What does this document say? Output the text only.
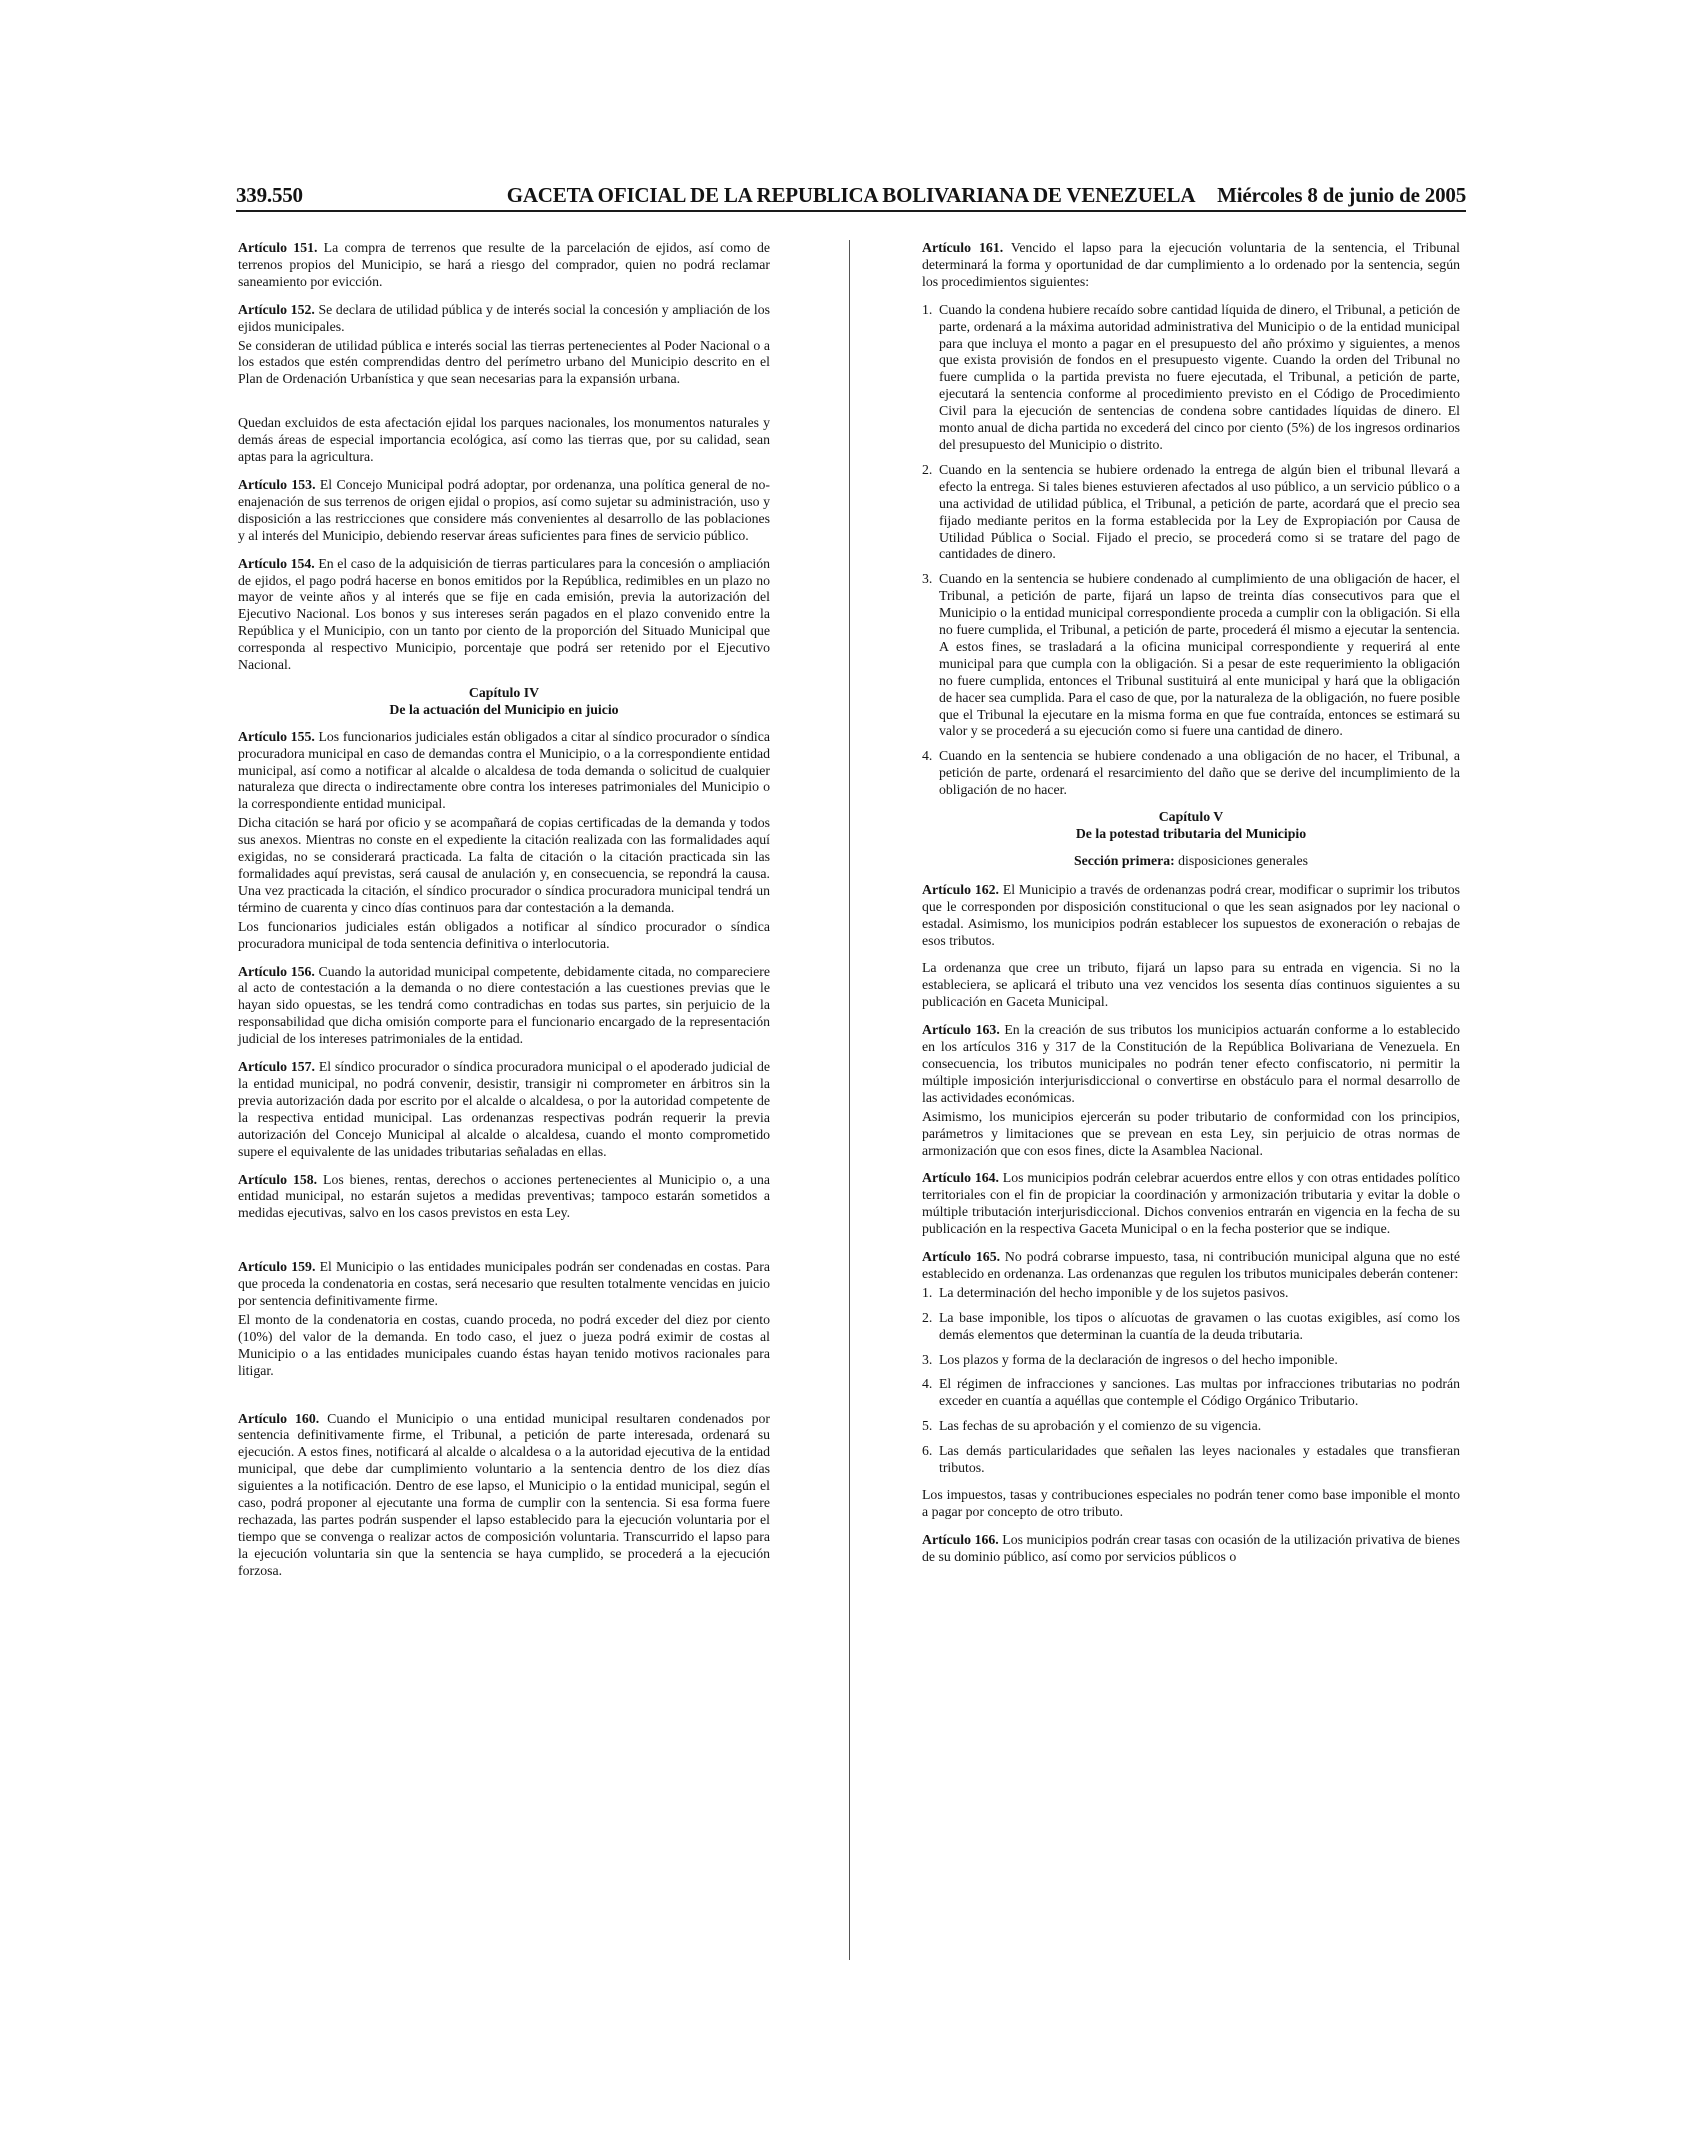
339.550	GACETA OFICIAL DE LA REPUBLICA BOLIVARIANA DE VENEZUELA	Miércoles 8 de junio de 2005

Artículo 151. La compra de terrenos que resulte de la parcelación de ejidos, así como de terrenos propios del Municipio, se hará a riesgo del comprador, quien no podrá reclamar saneamiento por evicción.

Artículo 152. Se declara de utilidad pública y de interés social la concesión y ampliación de los ejidos municipales.

Se consideran de utilidad pública e interés social las tierras pertenecientes al Poder Nacional o a los estados que estén comprendidas dentro del perímetro urbano del Municipio descrito en el Plan de Ordenación Urbanística y que sean necesarias para la expansión urbana.

Quedan excluidos de esta afectación ejidal los parques nacionales, los monumentos naturales y demás áreas de especial importancia ecológica, así como las tierras que, por su calidad, sean aptas para la agricultura.

Artículo 153. El Concejo Municipal podrá adoptar, por ordenanza, una política general de no-enajenación de sus terrenos de origen ejidal o propios, así como sujetar su administración, uso y disposición a las restricciones que considere más convenientes al desarrollo de las poblaciones y al interés del Municipio, debiendo reservar áreas suficientes para fines de servicio público.

Artículo 154. En el caso de la adquisición de tierras particulares para la concesión o ampliación de ejidos, el pago podrá hacerse en bonos emitidos por la República, redimibles en un plazo no mayor de veinte años y al interés que se fije en cada emisión, previa la autorización del Ejecutivo Nacional. Los bonos y sus intereses serán pagados en el plazo convenido entre la República y el Municipio, con un tanto por ciento de la proporción del Situado Municipal que corresponda al respectivo Municipio, porcentaje que podrá ser retenido por el Ejecutivo Nacional.

Capítulo IV
De la actuación del Municipio en juicio

Artículo 155. Los funcionarios judiciales están obligados a citar al síndico procurador o síndica procuradora municipal en caso de demandas contra el Municipio, o a la correspondiente entidad municipal, así como a notificar al alcalde o alcaldesa de toda demanda o solicitud de cualquier naturaleza que directa o indirectamente obre contra los intereses patrimoniales del Municipio o la correspondiente entidad municipal.

Dicha citación se hará por oficio y se acompañará de copias certificadas de la demanda y todos sus anexos. Mientras no conste en el expediente la citación realizada con las formalidades aquí exigidas, no se considerará practicada. La falta de citación o la citación practicada sin las formalidades aquí previstas, será causal de anulación y, en consecuencia, se repondrá la causa. Una vez practicada la citación, el síndico procurador o síndica procuradora municipal tendrá un término de cuarenta y cinco días continuos para dar contestación a la demanda.

Los funcionarios judiciales están obligados a notificar al síndico procurador o síndica procuradora municipal de toda sentencia definitiva o interlocutoria.

Artículo 156. Cuando la autoridad municipal competente, debidamente citada, no compareciere al acto de contestación a la demanda o no diere contestación a las cuestiones previas que le hayan sido opuestas, se les tendrá como contradichas en todas sus partes, sin perjuicio de la responsabilidad que dicha omisión comporte para el funcionario encargado de la representación judicial de los intereses patrimoniales de la entidad.

Artículo 157. El síndico procurador o síndica procuradora municipal o el apoderado judicial de la entidad municipal, no podrá convenir, desistir, transigir ni comprometer en árbitros sin la previa autorización dada por escrito por el alcalde o alcaldesa, o por la autoridad competente de la respectiva entidad municipal. Las ordenanzas respectivas podrán requerir la previa autorización del Concejo Municipal al alcalde o alcaldesa, cuando el monto comprometido supere el equivalente de las unidades tributarias señaladas en ellas.

Artículo 158. Los bienes, rentas, derechos o acciones pertenecientes al Municipio o, a una entidad municipal, no estarán sujetos a medidas preventivas; tampoco estarán sometidos a medidas ejecutivas, salvo en los casos previstos en esta Ley.

Artículo 159. El Municipio o las entidades municipales podrán ser condenadas en costas. Para que proceda la condenatoria en costas, será necesario que resulten totalmente vencidas en juicio por sentencia definitivamente firme.

El monto de la condenatoria en costas, cuando proceda, no podrá exceder del diez por ciento (10%) del valor de la demanda. En todo caso, el juez o jueza podrá eximir de costas al Municipio o a las entidades municipales cuando éstas hayan tenido motivos racionales para litigar.

Artículo 160. Cuando el Municipio o una entidad municipal resultaren condenados por sentencia definitivamente firme, el Tribunal, a petición de parte interesada, ordenará su ejecución. A estos fines, notificará al alcalde o alcaldesa o a la autoridad ejecutiva de la entidad municipal, que debe dar cumplimiento voluntario a la sentencia dentro de los diez días siguientes a la notificación. Dentro de ese lapso, el Municipio o la entidad municipal, según el caso, podrá proponer al ejecutante una forma de cumplir con la sentencia. Si esa forma fuere rechazada, las partes podrán suspender el lapso establecido para la ejecución voluntaria por el tiempo que se convenga o realizar actos de composición voluntaria. Transcurrido el lapso para la ejecución voluntaria sin que la sentencia se haya cumplido, se procederá a la ejecución forzosa.

Artículo 161. Vencido el lapso para la ejecución voluntaria de la sentencia, el Tribunal determinará la forma y oportunidad de dar cumplimiento a lo ordenado por la sentencia, según los procedimientos siguientes:

1. Cuando la condena hubiere recaído sobre cantidad líquida de dinero, el Tribunal, a petición de parte, ordenará a la máxima autoridad administrativa del Municipio o de la entidad municipal para que incluya el monto a pagar en el presupuesto del año próximo y siguientes, a menos que exista provisión de fondos en el presupuesto vigente. Cuando la orden del Tribunal no fuere cumplida o la partida prevista no fuere ejecutada, el Tribunal, a petición de parte, ejecutará la sentencia conforme al procedimiento previsto en el Código de Procedimiento Civil para la ejecución de sentencias de condena sobre cantidades líquidas de dinero. El monto anual de dicha partida no excederá del cinco por ciento (5%) de los ingresos ordinarios del presupuesto del Municipio o distrito.
2. Cuando en la sentencia se hubiere ordenado la entrega de algún bien el tribunal llevará a efecto la entrega. Si tales bienes estuvieren afectados al uso público, a un servicio público o a una actividad de utilidad pública, el Tribunal, a petición de parte, acordará que el precio sea fijado mediante peritos en la forma establecida por la Ley de Expropiación por Causa de Utilidad Pública o Social. Fijado el precio, se procederá como si se tratare del pago de cantidades de dinero.
3. Cuando en la sentencia se hubiere condenado al cumplimiento de una obligación de hacer, el Tribunal, a petición de parte, fijará un lapso de treinta días consecutivos para que el Municipio o la entidad municipal correspondiente proceda a cumplir con la obligación. Si ella no fuere cumplida, el Tribunal, a petición de parte, procederá él mismo a ejecutar la sentencia. A estos fines, se trasladará a la oficina municipal correspondiente y requerirá al ente municipal para que cumpla con la obligación. Si a pesar de este requerimiento la obligación no fuere cumplida, entonces el Tribunal sustituirá al ente municipal y hará que la obligación de hacer sea cumplida. Para el caso de que, por la naturaleza de la obligación, no fuere posible que el Tribunal la ejecutare en la misma forma en que fue contraída, entonces se estimará su valor y se procederá a su ejecución como si fuere una cantidad de dinero.
4. Cuando en la sentencia se hubiere condenado a una obligación de no hacer, el Tribunal, a petición de parte, ordenará el resarcimiento del daño que se derive del incumplimiento de la obligación de no hacer.
Capítulo V
De la potestad tributaria del Municipio
Sección primera: disposiciones generales

Artículo 162. El Municipio a través de ordenanzas podrá crear, modificar o suprimir los tributos que le corresponden por disposición constitucional o que les sean asignados por ley nacional o estadal. Asimismo, los municipios podrán establecer los supuestos de exoneración o rebajas de esos tributos.

La ordenanza que cree un tributo, fijará un lapso para su entrada en vigencia. Si no la estableciera, se aplicará el tributo una vez vencidos los sesenta días continuos siguientes a su publicación en Gaceta Municipal.

Artículo 163. En la creación de sus tributos los municipios actuarán conforme a lo establecido en los artículos 316 y 317 de la Constitución de la República Bolivariana de Venezuela. En consecuencia, los tributos municipales no podrán tener efecto confiscatorio, ni permitir la múltiple imposición interjurisdiccional o convertirse en obstáculo para el normal desarrollo de las actividades económicas.

Asimismo, los municipios ejercerán su poder tributario de conformidad con los principios, parámetros y limitaciones que se prevean en esta Ley, sin perjuicio de otras normas de armonización que con esos fines, dicte la Asamblea Nacional.

Artículo 164. Los municipios podrán celebrar acuerdos entre ellos y con otras entidades político territoriales con el fin de propiciar la coordinación y armonización tributaria y evitar la doble o múltiple tributación interjurisdiccional. Dichos convenios entrarán en vigencia en la fecha de su publicación en la respectiva Gaceta Municipal o en la fecha posterior que se indique.

Artículo 165. No podrá cobrarse impuesto, tasa, ni contribución municipal alguna que no esté establecido en ordenanza. Las ordenanzas que regulen los tributos municipales deberán contener:

1. La determinación del hecho imponible y de los sujetos pasivos.
2. La base imponible, los tipos o alícuotas de gravamen o las cuotas exigibles, así como los demás elementos que determinan la cuantía de la deuda tributaria.
3. Los plazos y forma de la declaración de ingresos o del hecho imponible.
4. El régimen de infracciones y sanciones. Las multas por infracciones tributarias no podrán exceder en cuantía a aquéllas que contemple el Código Orgánico Tributario.
5. Las fechas de su aprobación y el comienzo de su vigencia.
6. Las demás particularidades que señalen las leyes nacionales y estadales que transfieran tributos.

Los impuestos, tasas y contribuciones especiales no podrán tener como base imponible el monto a pagar por concepto de otro tributo.

Artículo 166. Los municipios podrán crear tasas con ocasión de la utilización privativa de bienes de su dominio público, así como por servicios públicos o
